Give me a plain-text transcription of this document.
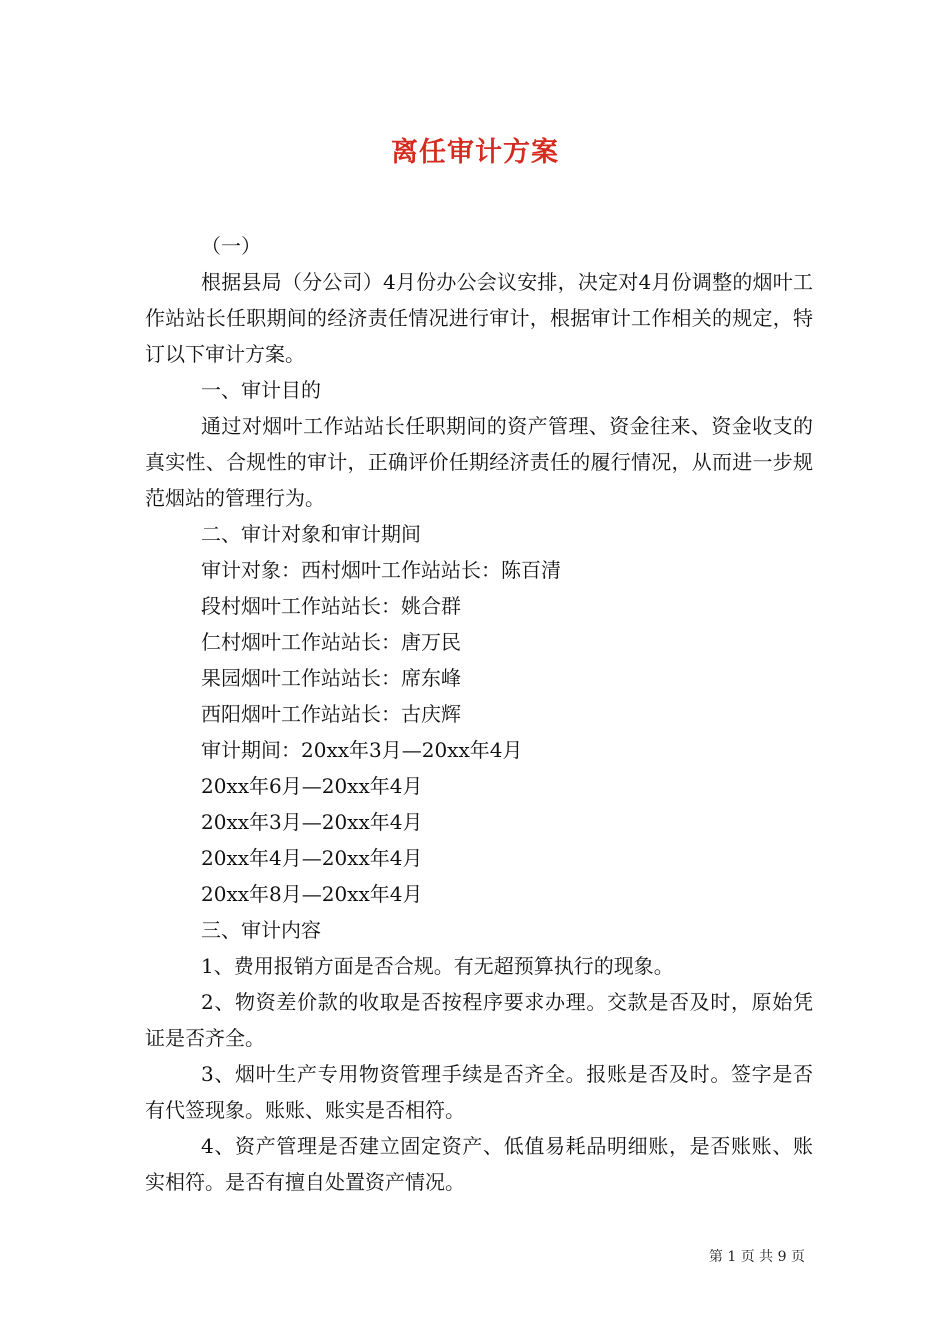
离任审计方案

（一）

根据县局（分公司）4月份办公会议安排，决定对4月份调整的烟叶工作站站长任职期间的经济责任情况进行审计，根据审计工作相关的规定，特订以下审计方案。

一、审计目的

通过对烟叶工作站站长任职期间的资产管理、资金往来、资金收支的真实性、合规性的审计，正确评价任期经济责任的履行情况，从而进一步规范烟站的管理行为。

二、审计对象和审计期间

审计对象：西村烟叶工作站站长：陈百清

段村烟叶工作站站长：姚合群

仁村烟叶工作站站长：唐万民

果园烟叶工作站站长：席东峰

西阳烟叶工作站站长：古庆辉

审计期间：20xx年3月—20xx年4月

20xx年6月—20xx年4月

20xx年3月—20xx年4月

20xx年4月—20xx年4月

20xx年8月—20xx年4月

三、审计内容

1、费用报销方面是否合规。有无超预算执行的现象。

2、物资差价款的收取是否按程序要求办理。交款是否及时，原始凭证是否齐全。

3、烟叶生产专用物资管理手续是否齐全。报账是否及时。签字是否有代签现象。账账、账实是否相符。

4、资产管理是否建立固定资产、低值易耗品明细账，是否账账、账实相符。是否有擅自处置资产情况。

第 1 页 共 9 页
